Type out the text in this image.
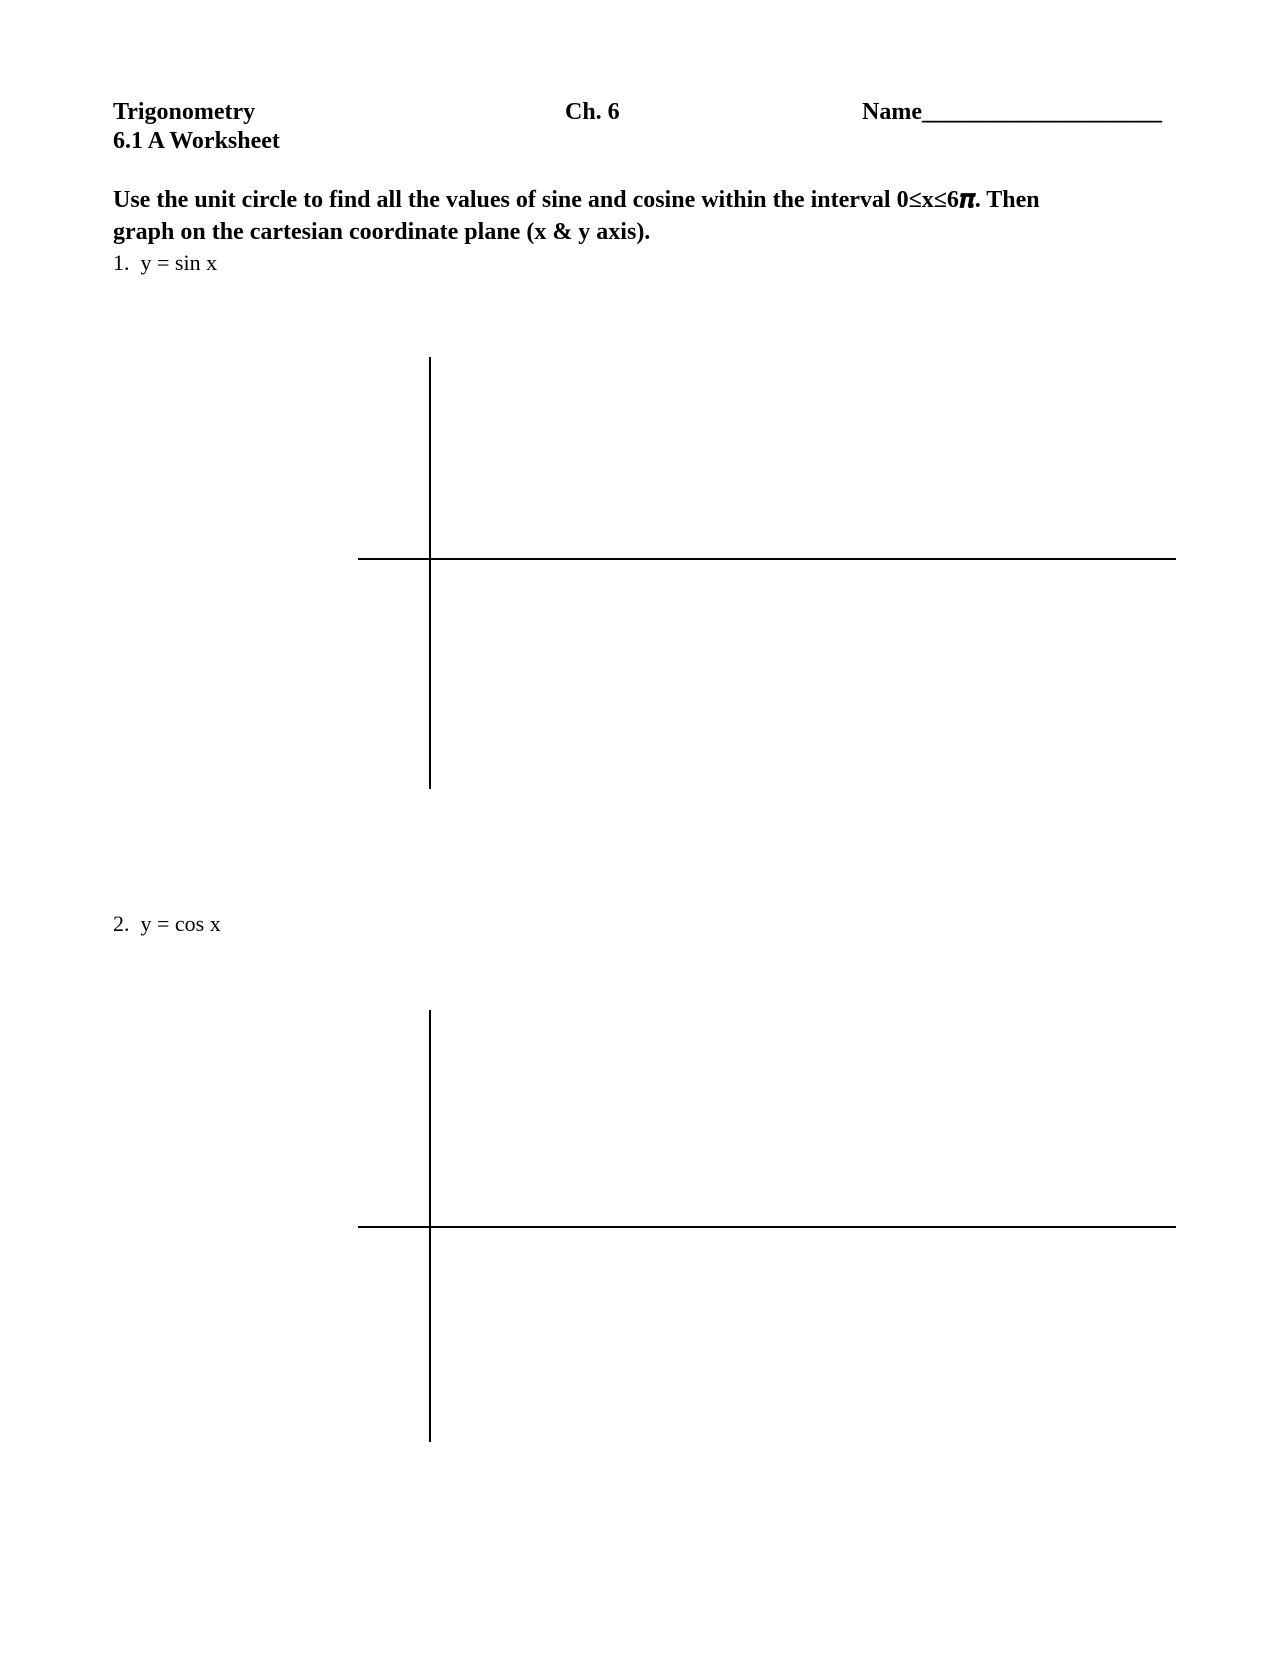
Trigonometry	Ch. 6	Name____________________
6.1 A Worksheet
Use the unit circle to find all the values of sine and cosine within the interval 0≤x≤6𝝅. Then
graph on the cartesian coordinate plane (x & y axis).
1. y = sin x
2. y = cos x
